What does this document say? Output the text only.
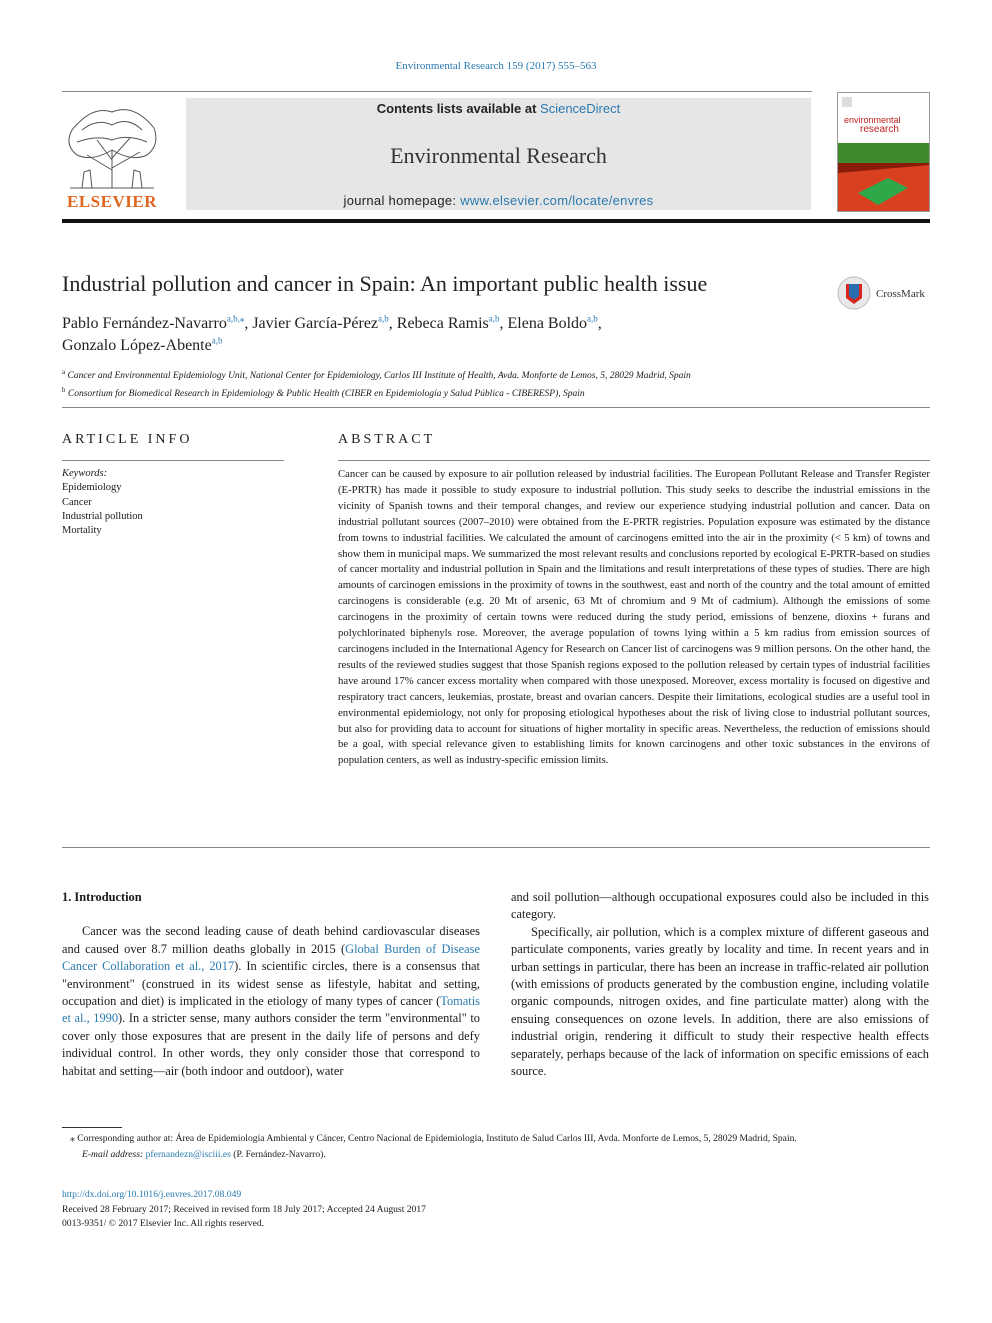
Environmental Research 159 (2017) 555–563
ELSEVIER
Contents lists available at ScienceDirect
Environmental Research
journal homepage: www.elsevier.com/locate/envres
environmental
research
Industrial pollution and cancer in Spain: An important public health issue	CrossMark
Pablo Fernández-Navarro$^{a,b,⁎}$, Javier García-Pérez$^{a,b}$, Rebeca Ramis$^{a,b}$, Elena Boldo$^{a,b}$,
Gonzalo López-Abente$^{a,b}$
$^a$ Cancer and Environmental Epidemiology Unit, National Center for Epidemiology, Carlos III Institute of Health, Avda. Monforte de Lemos, 5, 28029 Madrid, Spain
$^b$ Consortium for Biomedical Research in Epidemiology & Public Health (CIBER en Epidemiología y Salud Pública - CIBERESP), Spain
ARTICLE INFO
Keywords:
Epidemiology
Cancer
Industrial pollution
Mortality
ABSTRACT
Cancer can be caused by exposure to air pollution released by industrial facilities. The European Pollutant Release and Transfer Register (E-PRTR) has made it possible to study exposure to industrial pollution. This study seeks to describe the industrial emissions in the vicinity of Spanish towns and their temporal changes, and review our experience studying industrial pollution and cancer. Data on industrial pollutant sources (2007–2010) were obtained from the E-PRTR registries. Population exposure was estimated by the distance from towns to industrial facilities. We calculated the amount of carcinogens emitted into the air in the proximity (< 5 km) of towns and show them in municipal maps. We summarized the most relevant results and conclusions reported by ecological E-PRTR-based on studies of cancer mortality and industrial pollution in Spain and the limitations and result interpretations of these types of studies. There are high amounts of carcinogen emissions in the proximity of towns in the southwest, east and north of the country and the total amount of emitted carcinogens is considerable (e.g. 20 Mt of arsenic, 63 Mt of chromium and 9 Mt of cadmium). Although the emissions of some carcinogens in the proximity of certain towns were reduced during the study period, emissions of benzene, dioxins + furans and polychlorinated biphenyls rose. Moreover, the average population of towns lying within a 5 km radius from emission sources of carcinogens included in the International Agency for Research on Cancer list of carcinogens was 9 million persons. On the other hand, the results of the reviewed studies suggest that those Spanish regions exposed to the pollution released by certain types of industrial facilities have around 17% cancer excess mortality when compared with those unexposed. Moreover, excess mortality is focused on digestive and respiratory tract cancers, leukemias, prostate, breast and ovarian cancers. Despite their limitations, ecological studies are a useful tool in environmental epidemiology, not only for proposing etiological hypotheses about the risk of living close to industrial pollutant sources, but also for providing data to account for situations of higher mortality in specific areas. Nevertheless, the reduction of emissions should be a goal, with special relevance given to establishing limits for known carcinogens and other toxic substances in the environs of population centers, as well as industry-specific emission limits.
1. Introduction

Cancer was the second leading cause of death behind cardiovascular diseases and caused over 8.7 million deaths globally in 2015 (Global Burden of Disease Cancer Collaboration et al., 2017). In scientific circles, there is a consensus that "environment" (construed in its widest sense as lifestyle, habitat and setting, occupation and diet) is implicated in the etiology of many types of cancer (Tomatis et al., 1990). In a stricter sense, many authors consider the term "environmental" to cover only those exposures that are present in the daily life of persons and defy individual control. In other words, they only consider those that correspond to habitat and setting—air (both indoor and outdoor), water

and soil pollution—although occupational exposures could also be included in this category.

Specifically, air pollution, which is a complex mixture of different gaseous and particulate components, varies greatly by locality and time. In recent years and in urban settings in particular, there has been an increase in traffic-related air pollution (with emissions of products generated by the combustion engine, including volatile organic compounds, nitrogen oxides, and fine particulate matter) along with the ensuing consequences on ozone levels. In addition, there are also emissions of industrial origin, rendering it difficult to study their respective health effects separately, perhaps because of the lack of information on specific emissions of each source.

⁎ Corresponding author at: Área de Epidemiología Ambiental y Cáncer, Centro Nacional de Epidemiología, Instituto de Salud Carlos III, Avda. Monforte de Lemos, 5, 28029 Madrid, Spain.
E-mail address: pfernandezn@isciii.es (P. Fernández-Navarro).
http://dx.doi.org/10.1016/j.envres.2017.08.049
Received 28 February 2017; Received in revised form 18 July 2017; Accepted 24 August 2017
0013-9351/ © 2017 Elsevier Inc. All rights reserved.
